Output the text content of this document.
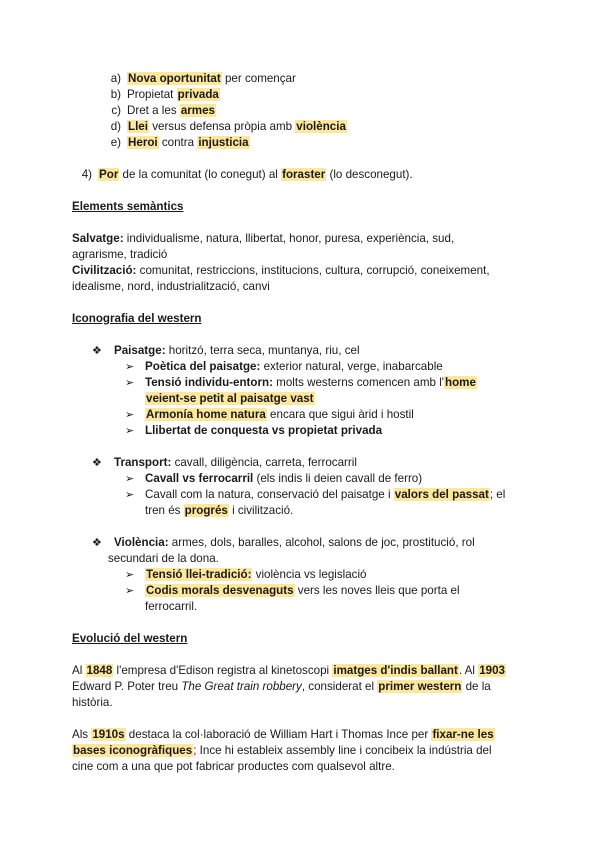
a) Nova oportunitat per començar
b) Propietat privada
c) Dret a les armes
d) Llei versus defensa pròpia amb violència
e) Heroi contra injusticia
4) Por de la comunitat (lo conegut) al foraster (lo desconegut).
Elements semàntics
Salvatge: individualisme, natura, llibertat, honor, puresa, experiència, sud,
agrarisme, tradició
Civilització: comunitat, restriccions, institucions, cultura, corrupció, coneixement,
idealisme, nord, industrialització, canvi
Iconografia del western
❖ Paisatge: horitzó, terra seca, muntanya, riu, cel
➢ Poètica del paisatge: exterior natural, verge, inabarcable
➢ Tensió individu-entorn: molts westerns comencen amb l'home
veient-se petit al paisatge vast
➢ Armonía home natura encara que sigui àrid i hostil
➢ Llibertat de conquesta vs propietat privada
❖ Transport: cavall, diligència, carreta, ferrocarril
➢ Cavall vs ferrocarril (els indis li deien cavall de ferro)
➢ Cavall com la natura, conservació del paisatge i valors del passat; el
tren és progrés i civilització.
❖ Violència: armes, dols, baralles, alcohol, salons de joc, prostitució, rol
secundari de la dona.
➢ Tensió llei-tradició: violència vs legislació
➢ Codis morals desvenaguts vers les noves lleis que porta el
ferrocarril.
Evolució del western
Al 1848 l'empresa d'Edison registra al kinetoscopi imatges d'indis ballant. Al 1903
Edward P. Poter treu The Great train robbery, considerat el primer western de la
història.
Als 1910s destaca la col·laboració de William Hart i Thomas Ince per fixar-ne les
bases iconogràfiques; Ince hi estableix assembly line i concibeix la indústria del
cine com a una que pot fabricar productes com qualsevol altre.
